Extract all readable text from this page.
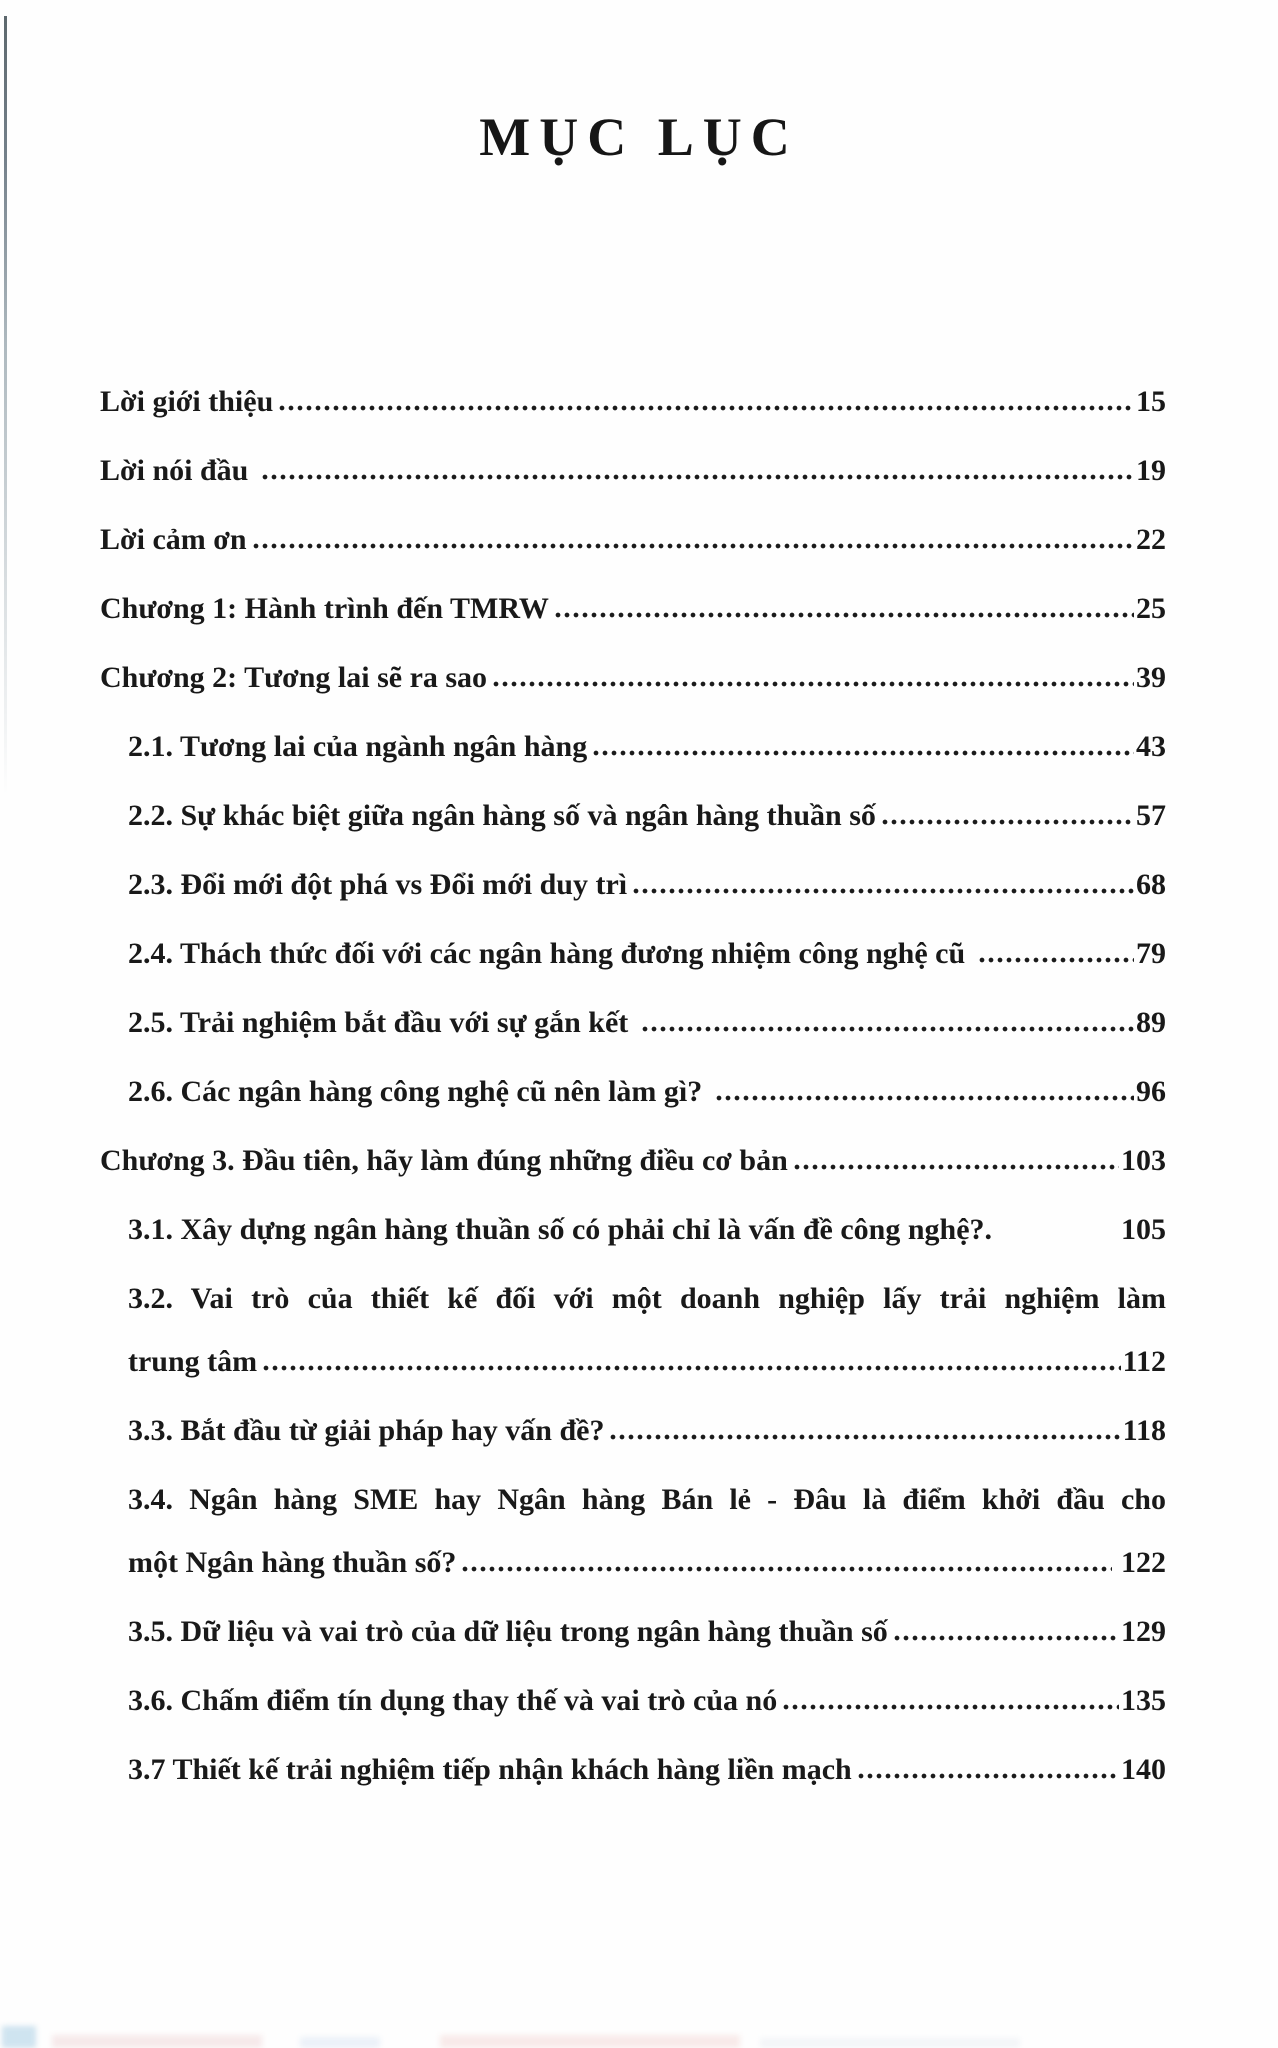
MỤC LỤC
Lời giới thiệu	15
Lời nói đầu	19
Lời cảm ơn	22
Chương 1: Hành trình đến TMRW	25
Chương 2: Tương lai sẽ ra sao	39
2.1. Tương lai của ngành ngân hàng	43
2.2. Sự khác biệt giữa ngân hàng số và ngân hàng thuần số	57
2.3. Đổi mới đột phá vs Đổi mới duy trì	68
2.4. Thách thức đối với các ngân hàng đương nhiệm công nghệ cũ	79
2.5. Trải nghiệm bắt đầu với sự gắn kết	89
2.6. Các ngân hàng công nghệ cũ nên làm gì?	96
Chương 3. Đầu tiên, hãy làm đúng những điều cơ bản	103
3.1. Xây dựng ngân hàng thuần số có phải chỉ là vấn đề công nghệ?.	105
3.2. Vai trò của thiết kế đối với một doanh nghiệp lấy trải nghiệm làm
trung tâm	112
3.3. Bắt đầu từ giải pháp hay vấn đề?	118
3.4. Ngân hàng SME hay Ngân hàng Bán lẻ - Đâu là điểm khởi đầu cho
một Ngân hàng thuần số?	122
3.5. Dữ liệu và vai trò của dữ liệu trong ngân hàng thuần số	129
3.6. Chấm điểm tín dụng thay thế và vai trò của nó	135
3.7 Thiết kế trải nghiệm tiếp nhận khách hàng liền mạch	140
